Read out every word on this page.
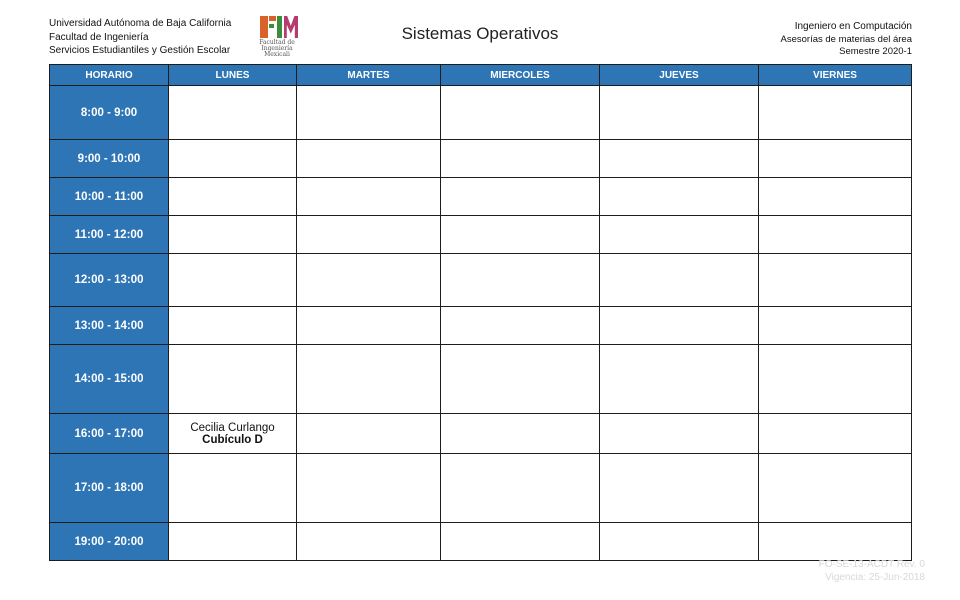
Universidad Autónoma de Baja California
Facultad de Ingeniería
Servicios Estudiantiles y Gestión Escolar
Facultad de
Ingeniería
Mexicali
Sistemas Operativos	Ingeniero en Computación
Asesorías de materias del área
Semestre 2020-1
HORARIO	LUNES	MARTES	MIERCOLES	JUEVES	VIERNES
8:00 - 9:00	

9:00 - 10:00	

10:00 - 11:00	

11:00 - 12:00	

12:00 - 13:00	

13:00 - 14:00	

14:00 - 15:00	

16:00 - 17:00	Cecilia Curlango
Cubículo D				

17:00 - 18:00	

19:00 - 20:00	

FO-SE-13-ACDT Rev. 0
Vigencia: 25-Jun-2018
